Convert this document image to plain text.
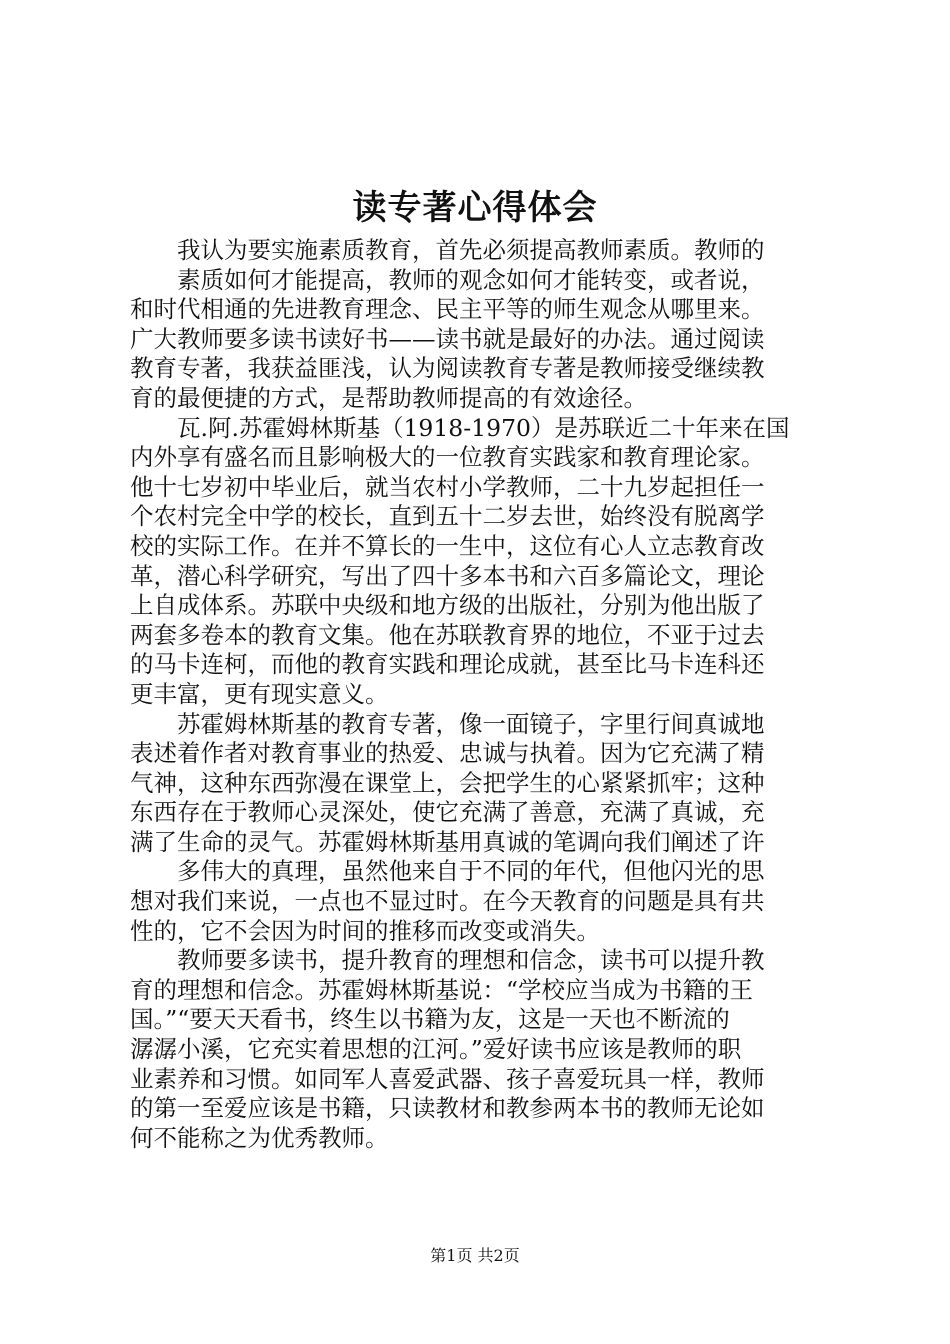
读专著心得体会
我认为要实施素质教育，首先必须提高教师素质。教师的
素质如何才能提高，教师的观念如何才能转变，或者说，
和时代相通的先进教育理念、民主平等的师生观念从哪里来。
广大教师要多读书读好书——读书就是最好的办法。通过阅读
教育专著，我获益匪浅，认为阅读教育专著是教师接受继续教
育的最便捷的方式，是帮助教师提高的有效途径。
瓦.阿.苏霍姆林斯基（1918-1970）是苏联近二十年来在国
内外享有盛名而且影响极大的一位教育实践家和教育理论家。
他十七岁初中毕业后，就当农村小学教师，二十九岁起担任一
个农村完全中学的校长，直到五十二岁去世，始终没有脱离学
校的实际工作。在并不算长的一生中，这位有心人立志教育改
革，潜心科学研究，写出了四十多本书和六百多篇论文，理论
上自成体系。苏联中央级和地方级的出版社，分别为他出版了
两套多卷本的教育文集。他在苏联教育界的地位，不亚于过去
的马卡连柯，而他的教育实践和理论成就，甚至比马卡连科还
更丰富，更有现实意义。
苏霍姆林斯基的教育专著，像一面镜子，字里行间真诚地
表述着作者对教育事业的热爱、忠诚与执着。因为它充满了精
气神，这种东西弥漫在课堂上，会把学生的心紧紧抓牢；这种
东西存在于教师心灵深处，使它充满了善意，充满了真诚，充
满了生命的灵气。苏霍姆林斯基用真诚的笔调向我们阐述了许
多伟大的真理，虽然他来自于不同的年代，但他闪光的思
想对我们来说，一点也不显过时。在今天教育的问题是具有共
性的，它不会因为时间的推移而改变或消失。
教师要多读书，提升教育的理想和信念，读书可以提升教
育的理想和信念。苏霍姆林斯基说：“学校应当成为书籍的王
国。”“要天天看书，终生以书籍为友，这是一天也不断流的
潺潺小溪，它充实着思想的江河。”爱好读书应该是教师的职
业素养和习惯。如同军人喜爱武器、孩子喜爱玩具一样，教师
的第一至爱应该是书籍，只读教材和教参两本书的教师无论如
何不能称之为优秀教师。
第1页 共2页
